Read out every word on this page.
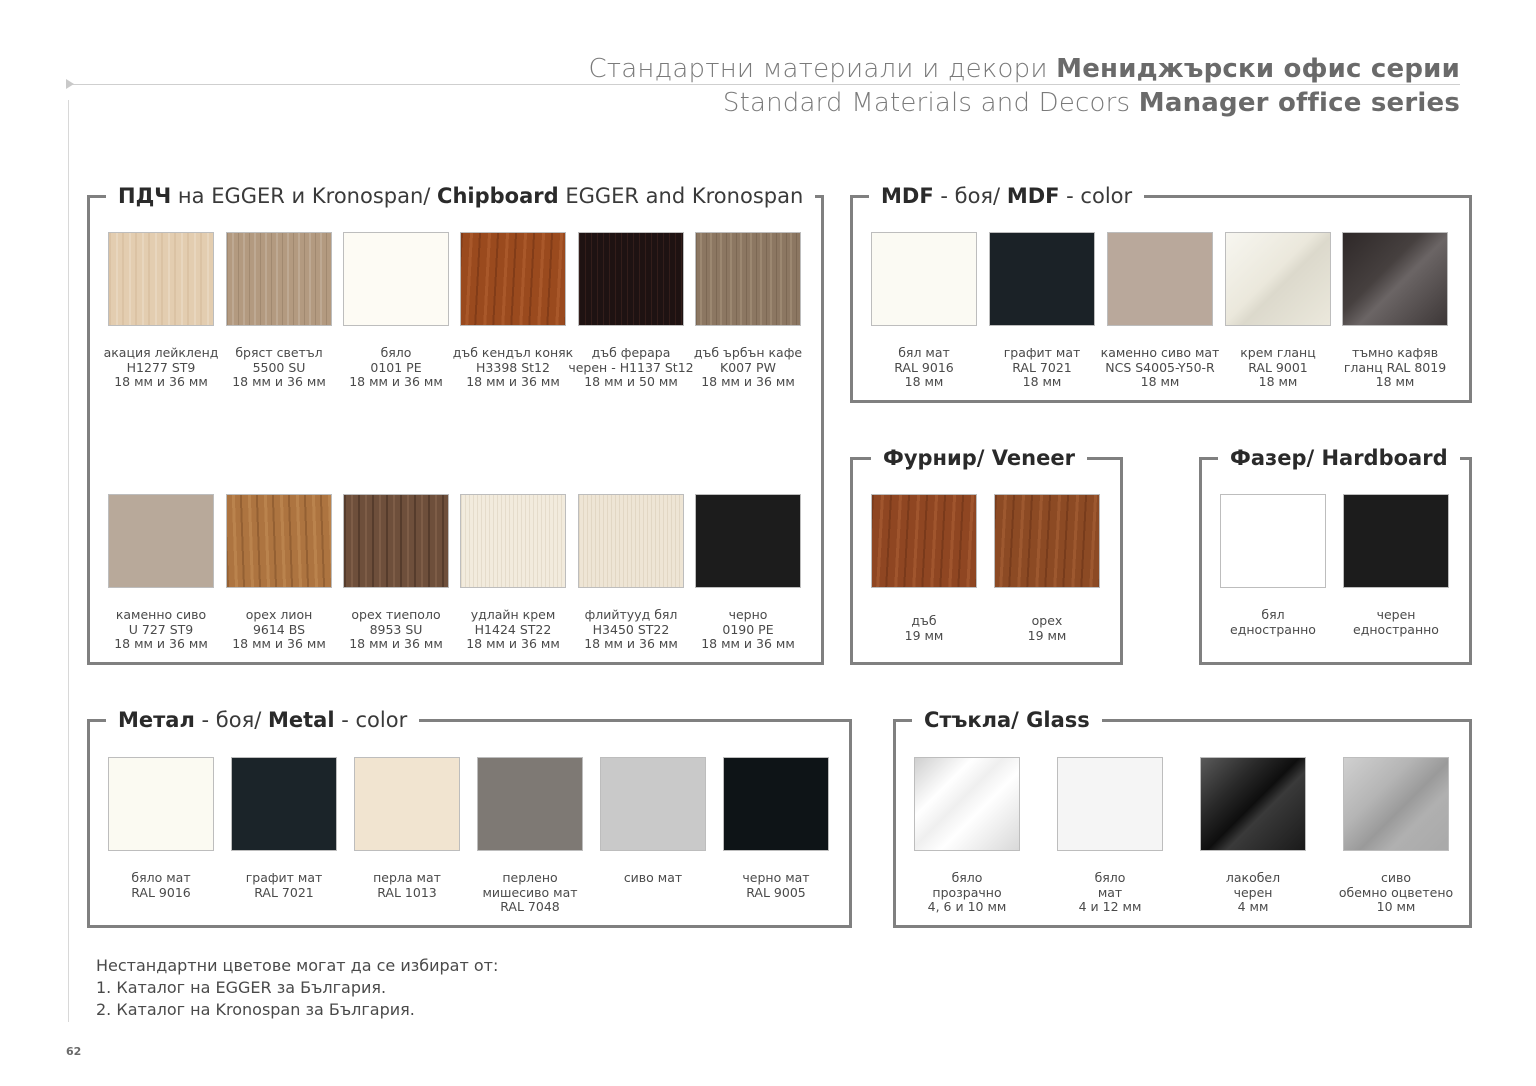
Стандартни материали и декори Мениджърски офис серии
Standard Materials and Decors Manager office series
ПДЧ на EGGER и Kronospan/ Chipboard EGGER and Kronospan
акация лейкленд
H1277 ST9
18 мм и 36 мм
бряст светъл
5500 SU
18 мм и 36 мм
бяло
0101 PE
18 мм и 36 мм
дъб кендъл коняк
H3398 St12
18 мм и 36 мм
дъб ферара
черен - H1137 St12
18 мм и 50 мм
дъб ърбън кафе
K007 PW
18 мм и 36 мм
каменно сиво
U 727 ST9
18 мм и 36 мм
орех лион
9614 BS
18 мм и 36 мм
орех тиеполо
8953 SU
18 мм и 36 мм
удлайн крем
H1424 ST22
18 мм и 36 мм
флийтууд бял
H3450 ST22
18 мм и 36 мм
черно
0190 PE
18 мм и 36 мм
MDF - боя/ MDF - color
бял мат
RAL 9016
18 мм
графит мат
RAL 7021
18 мм
каменно сиво мат
NCS S4005-Y50-R
18 мм
крем гланц
RAL 9001
18 мм
тъмно кафяв
гланц RAL 8019
18 мм
Фурнир/ Veneer
дъб
19 мм
орех
19 мм
Фазер/ Hardboard
бял
едностранно
черен
едностранно
Метал - боя/ Metal - color
бяло мат
RAL 9016
графит мат
RAL 7021
перла мат
RAL 1013
перлено
мишесиво мат
RAL 7048
сиво мат	черно мат
RAL 9005
Стъкла/ Glass
бяло
прозрачно
4, 6 и 10 мм
бяло
мат
4 и 12 мм
лакобел
черен
4 мм
сиво
обемно оцветено
10 мм
Нестандартни цветове могат да се избират от:
1. Каталог на EGGER за България.
2. Каталог на Kronospan за България.
62
